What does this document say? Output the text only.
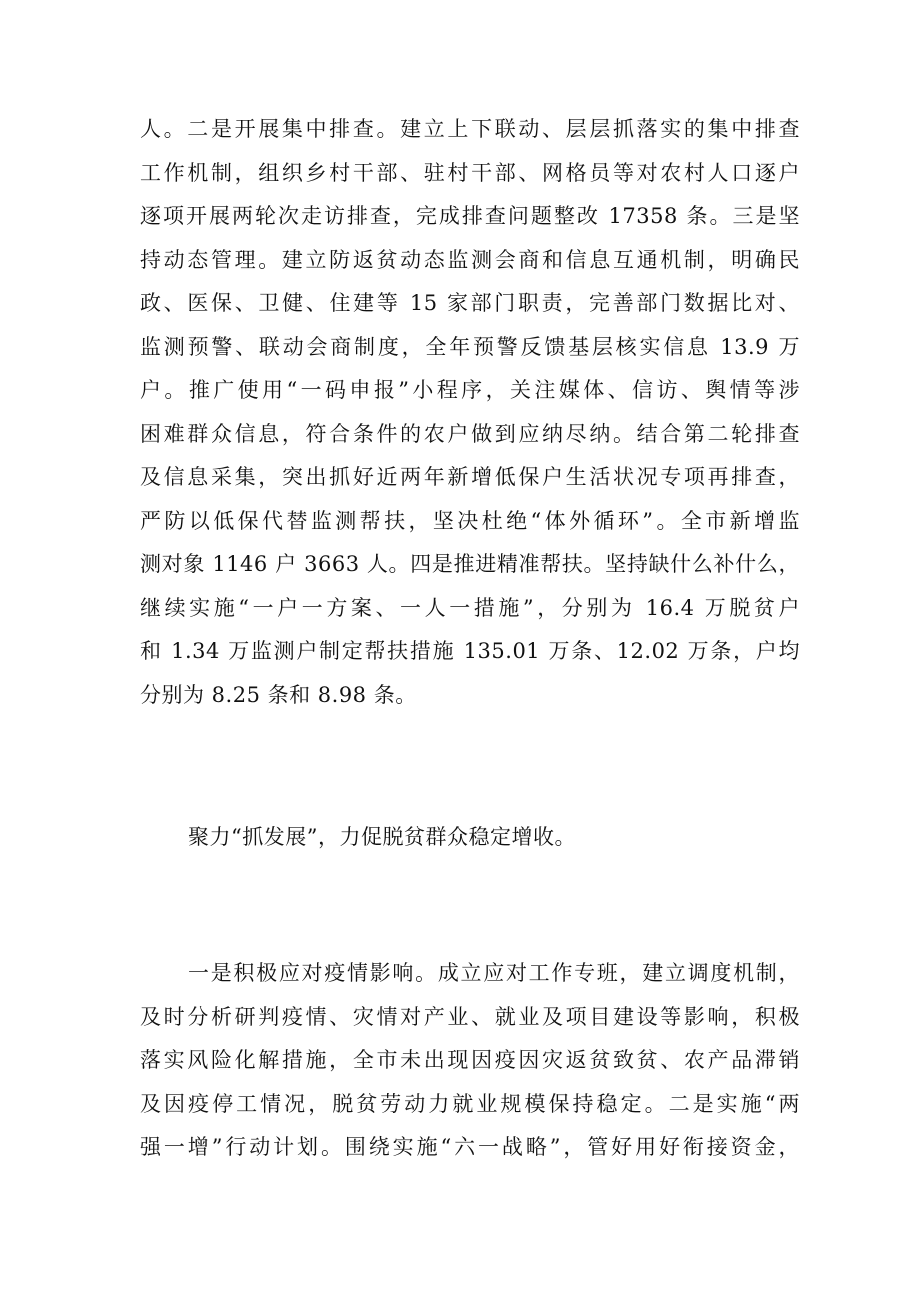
人。二是开展集中排查。建立上下联动、层层抓落实的集中排查
工作机制，组织乡村干部、驻村干部、网格员等对农村人口逐户
逐项开展两轮次走访排查，完成排查问题整改 17358 条。三是坚
持动态管理。建立防返贫动态监测会商和信息互通机制，明确民
政、医保、卫健、住建等 15 家部门职责，完善部门数据比对、
监测预警、联动会商制度，全年预警反馈基层核实信息 13.9 万
户。推广使用“一码申报”小程序，关注媒体、信访、舆情等涉
困难群众信息，符合条件的农户做到应纳尽纳。结合第二轮排查
及信息采集，突出抓好近两年新增低保户生活状况专项再排查，
严防以低保代替监测帮扶，坚决杜绝“体外循环”。全市新增监
测对象 1146 户 3663 人。四是推进精准帮扶。坚持缺什么补什么，
继续实施“一户一方案、一人一措施”，分别为 16.4 万脱贫户
和 1.34 万监测户制定帮扶措施 135.01 万条、12.02 万条，户均
分别为 8.25 条和 8.98 条。
聚力“抓发展”，力促脱贫群众稳定增收。
一是积极应对疫情影响。成立应对工作专班，建立调度机制，
及时分析研判疫情、灾情对产业、就业及项目建设等影响，积极
落实风险化解措施，全市未出现因疫因灾返贫致贫、农产品滞销
及因疫停工情况，脱贫劳动力就业规模保持稳定。二是实施“两
强一增”行动计划。围绕实施“六一战略”，管好用好衔接资金，
